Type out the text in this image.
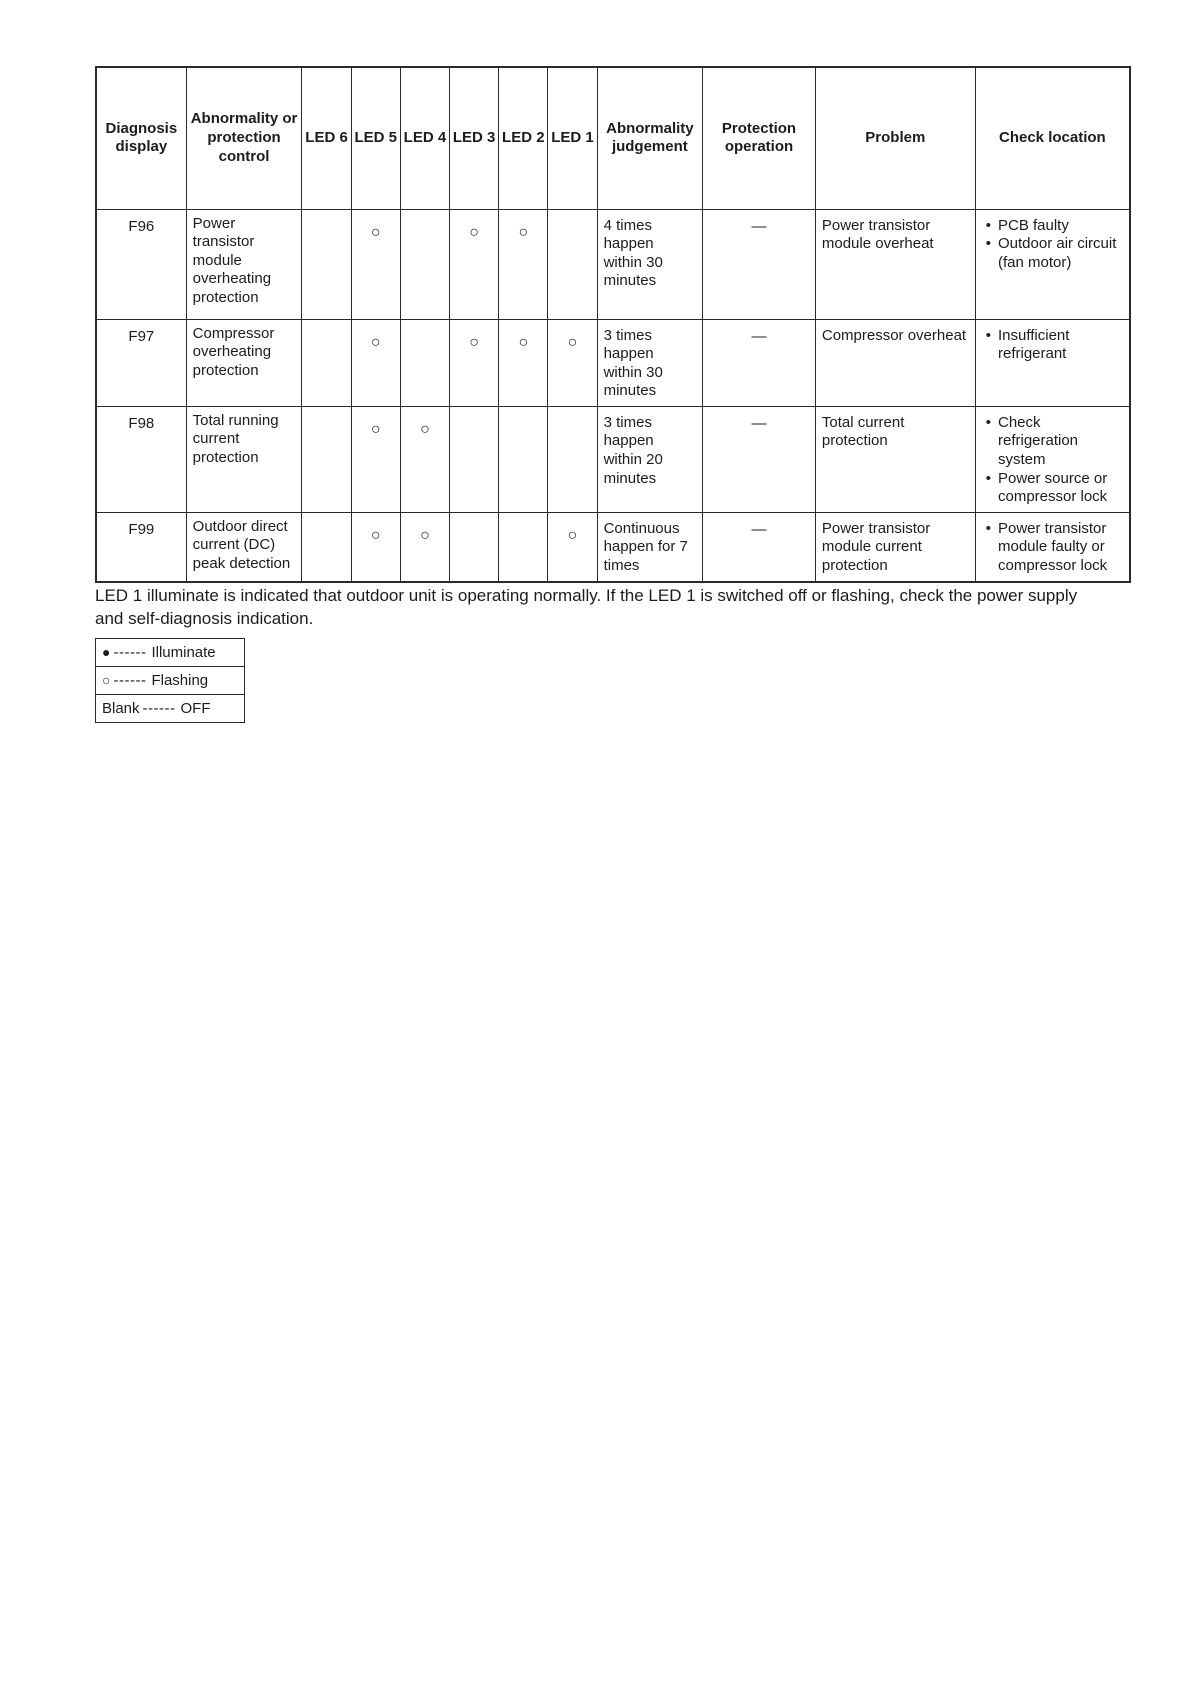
Diagnosis display	Abnormality or protection control	LED 6	LED 5	LED 4	LED 3	LED 2	LED 1	Abnormality judgement	Protection operation	Problem	Check location
F96	Power transistor module overheating protection		○		○	○		4 times happen within 30 minutes	—	Power transistor module overheat	• PCB faulty
• Outdoor air circuit (fan motor)

F97	Compressor overheating protection		○		○	○	○	3 times happen within 30 minutes	—	Compressor overheat	• Insufficient refrigerant

F98	Total running current protection		○	○				3 times happen within 20 minutes	—	Total current protection	• Check refrigeration system
• Power source or compressor lock

F99	Outdoor direct current (DC) peak detection		○	○			○	Continuous happen for 7 times	—	Power transistor module current protection	• Power transistor module faulty or compressor lock

LED 1 illuminate is indicated that outdoor unit is operating normally. If the LED 1 is switched off or flashing, check the power supply and self-diagnosis indication.

● ------ Illuminate
○ ------ Flashing
Blank ------ OFF
